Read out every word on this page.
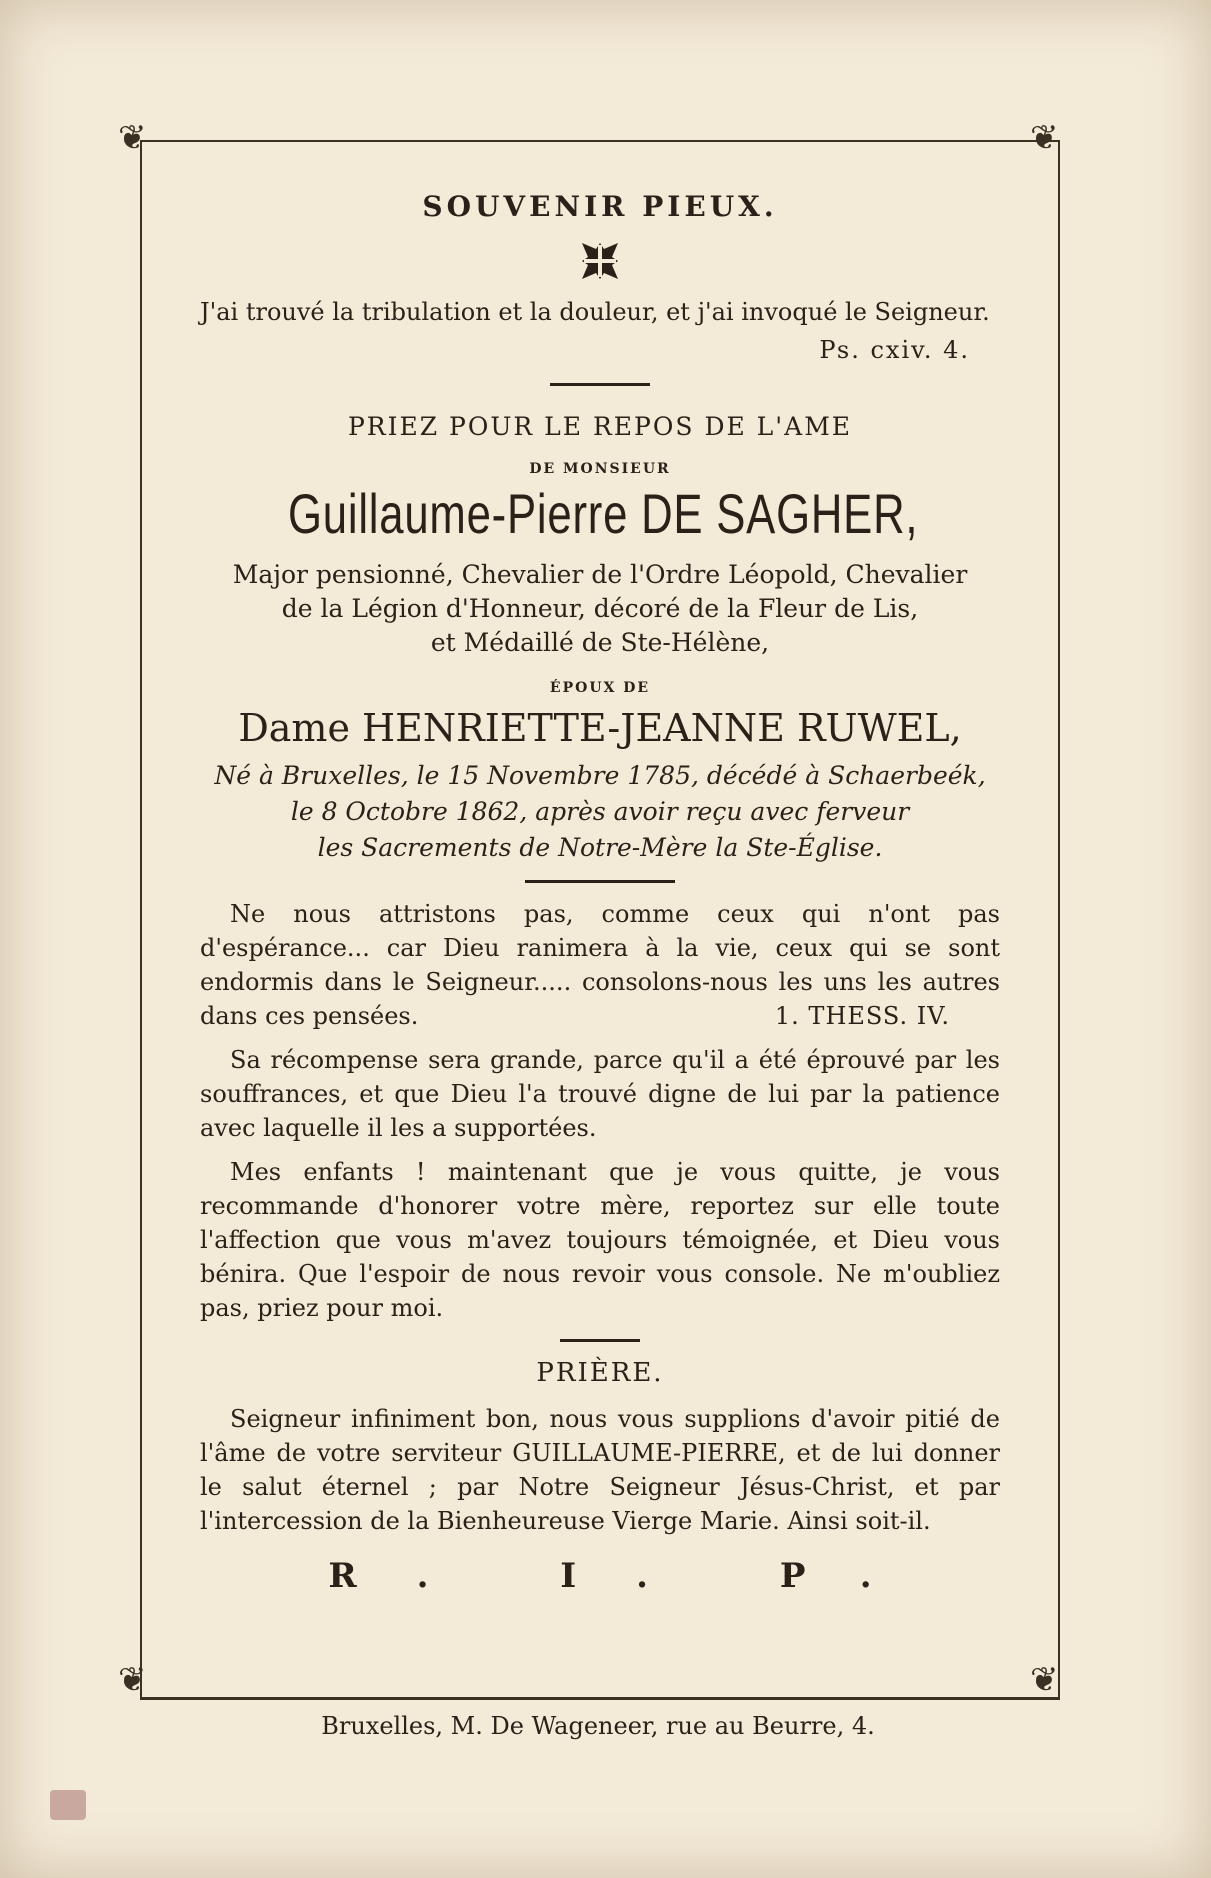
❦	❦
❦	❦
SOUVENIR PIEUX.
J'ai trouvé la tribulation et la douleur, et j'ai invoqué le Seigneur.
Ps. cxiv. 4.
PRIEZ POUR LE REPOS DE L'AME
DE MONSIEUR
Guillaume-Pierre DE SAGHER,
Major pensionné, Chevalier de l'Ordre Léopold, Chevalier
de la Légion d'Honneur, décoré de la Fleur de Lis,
et Médaillé de Ste-Hélène,
ÉPOUX DE
Dame HENRIETTE-JEANNE RUWEL,
Né à Bruxelles, le 15 Novembre 1785, décédé à Schaerbeék,
le 8 Octobre 1862, après avoir reçu avec ferveur
les Sacrements de Notre-Mère la Ste-Église.

Ne nous attristons pas, comme ceux qui n'ont pas d'espérance... car Dieu ranimera à la vie, ceux qui se sont endormis dans le Seigneur..... consolons-nous les uns les autres dans ces pensées.	1. THESS. IV.

Sa récompense sera grande, parce qu'il a été éprouvé par les souffrances, et que Dieu l'a trouvé digne de lui par la patience avec laquelle il les a supportées.

Mes enfants ! maintenant que je vous quitte, je vous recommande d'honorer votre mère, reportez sur elle toute l'affection que vous m'avez toujours témoignée, et Dieu vous bénira. Que l'espoir de nous revoir vous console. Ne m'oubliez pas, priez pour moi.

PRIÈRE.

Seigneur infiniment bon, nous vous supplions d'avoir pitié de l'âme de votre serviteur GUILLAUME-PIERRE, et de lui donner le salut éternel ; par Notre Seigneur Jésus-Christ, et par l'intercession de la Bienheureuse Vierge Marie. Ainsi soit-il.

R. I. P.
Bruxelles, M. De Wageneer, rue au Beurre, 4.
